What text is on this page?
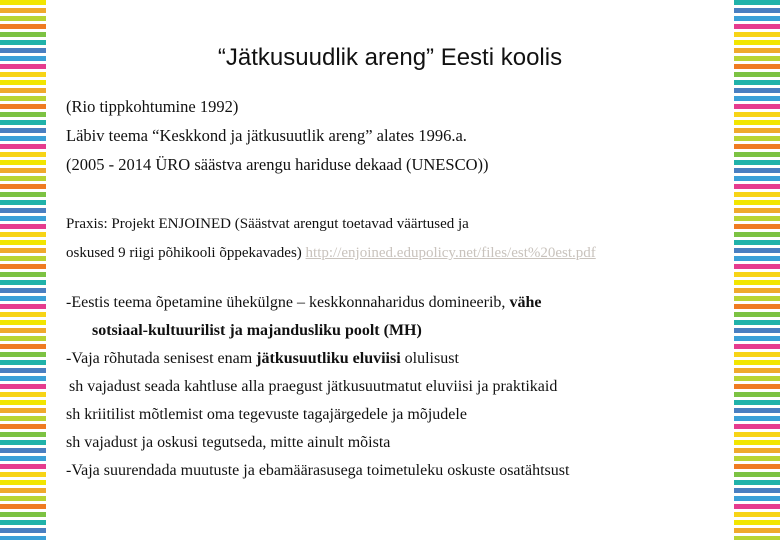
“Jätkusuudlik areng” Eesti koolis
(Rio tippkohtumine 1992)
Läbiv teema “Keskkond ja jätkusuutlik areng” alates 1996.a.
(2005 - 2014 ÜRO säästva arengu hariduse dekaad (UNESCO))
Praxis: Projekt ENJOINED (Säästvat arengut toetavad väärtused ja
oskused 9 riigi põhikooli õppekavades) http://enjoined.edupolicy.net/files/est%20est.pdf
-Eestis teema õpetamine ühekülgne – keskkonnaharidus domineerib, vähe
sotsiaal-kultuurilist ja majandusliku poolt (MH)
-Vaja rõhutada senisest enam jätkusuutliku eluviisi olulisust
sh vajadust seada kahtluse alla praegust jätkusuutmatut eluviisi ja praktikaid
sh kriitilist mõtlemist oma tegevuste tagajärgedele ja mõjudele
sh vajadust ja oskusi tegutseda, mitte ainult mõista
-Vaja suurendada muutuste ja ebamäärasusega toimetuleku oskuste osatähtsust
